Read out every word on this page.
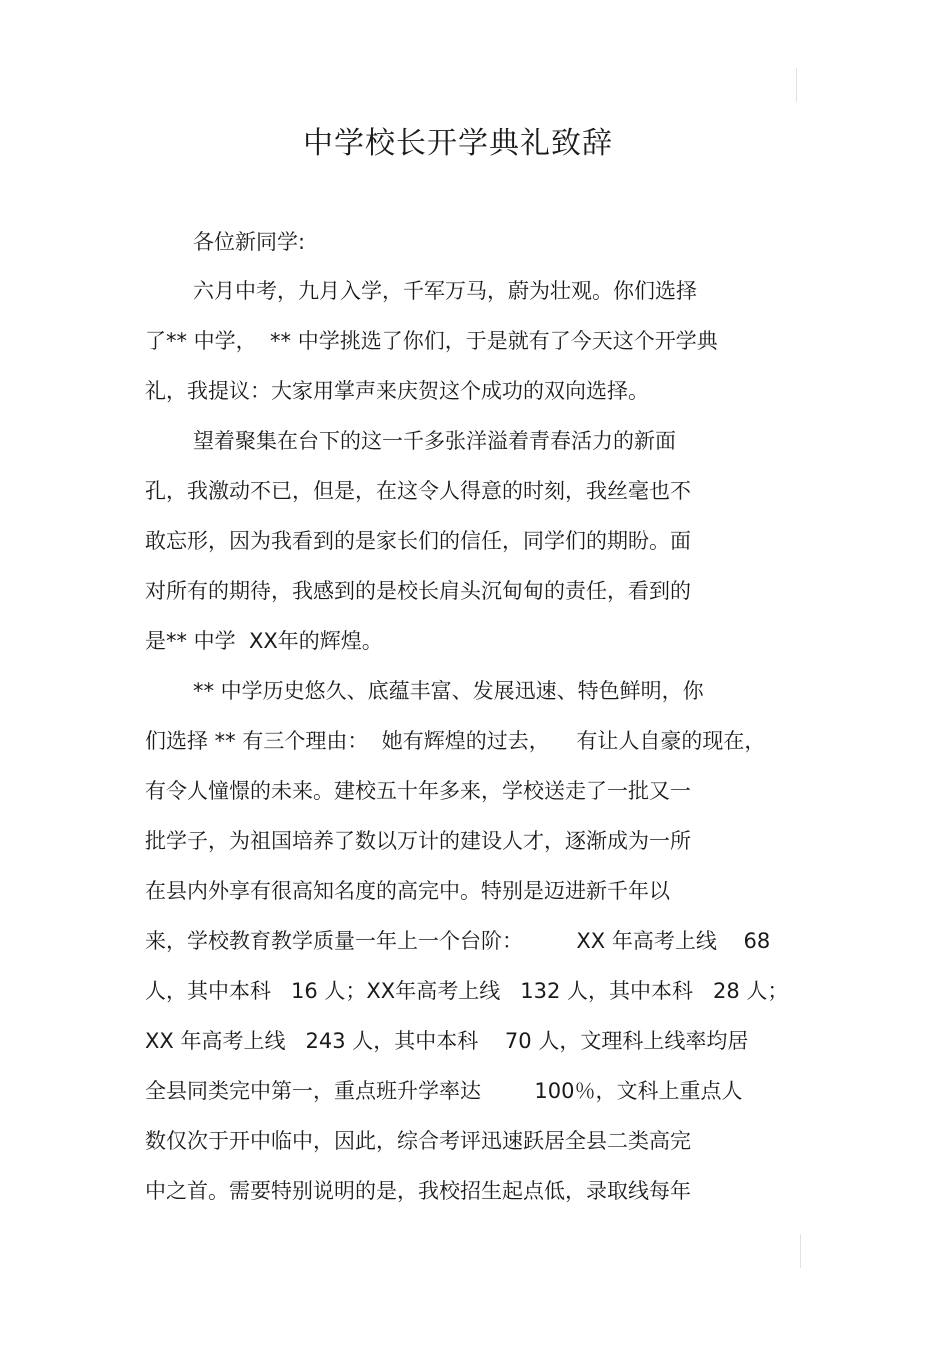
中学校长开学典礼致辞
各位新同学:
六月中考，九月入学，千军万马，蔚为壮观。你们选择
了** 中学，  ** 中学挑选了你们，于是就有了今天这个开学典
礼，我提议：大家用掌声来庆贺这个成功的双向选择。
望着聚集在台下的这一千多张洋溢着青春活力的新面
孔，我激动不已，但是，在这令人得意的时刻，我丝毫也不
敢忘形，因为我看到的是家长们的信任，同学们的期盼。面
对所有的期待，我感到的是校长肩头沉甸甸的责任，看到的
是** 中学  XX年的辉煌。
** 中学历史悠久、底蕴丰富、发展迅速、特色鲜明，你
们选择 ** 有三个理由：  她有辉煌的过去，    有让人自豪的现在，
有令人憧憬的未来。建校五十年多来，学校送走了一批又一
批学子，为祖国培养了数以万计的建设人才，逐渐成为一所
在县内外享有很高知名度的高完中。特别是迈进新千年以
来，学校教育教学质量一年上一个台阶：        XX 年高考上线    68
人，其中本科   16 人；XX年高考上线   132 人，其中本科   28 人；
XX 年高考上线   243 人，其中本科    70 人，文理科上线率均居
全县同类完中第一，重点班升学率达        100％，文科上重点人
数仅次于开中临中，因此，综合考评迅速跃居全县二类高完
中之首。需要特别说明的是，我校招生起点低，录取线每年
